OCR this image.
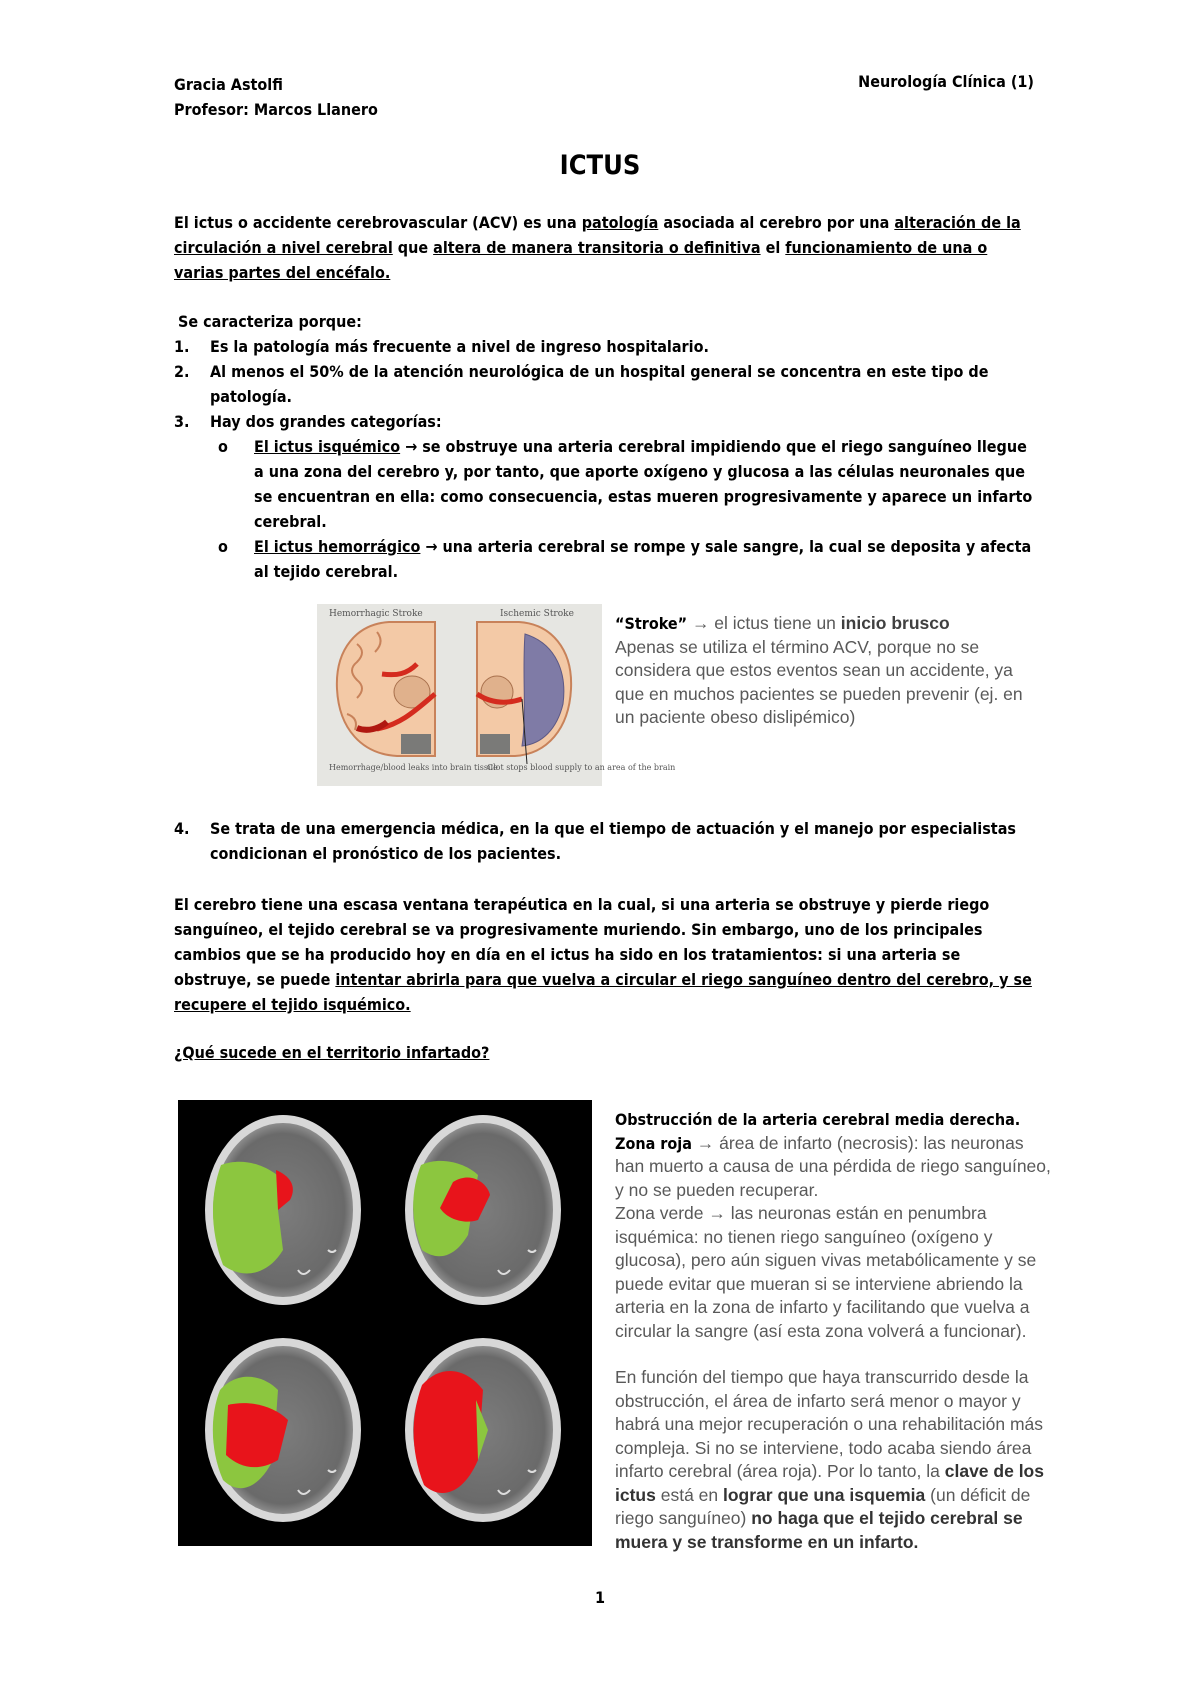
Gracia Astolfi
Profesor: Marcos Llanero
Neurología Clínica (1)
ICTUS
El ictus o accidente cerebrovascular (ACV) es una patología asociada al cerebro por una alteración de la circulación a nivel cerebral que altera de manera transitoria o definitiva el funcionamiento de una o varias partes del encéfalo.
Se caracteriza porque:
1. Es la patología más frecuente a nivel de ingreso hospitalario.
2. Al menos el 50% de la atención neurológica de un hospital general se concentra en este tipo de patología.
3. Hay dos grandes categorías:
o El ictus isquémico → se obstruye una arteria cerebral impidiendo que el riego sanguíneo llegue a una zona del cerebro y, por tanto, que aporte oxígeno y glucosa a las células neuronales que se encuentran en ella: como consecuencia, estas mueren progresivamente y aparece un infarto cerebral.
o El ictus hemorrágico → una arteria cerebral se rompe y sale sangre, la cual se deposita y afecta al tejido cerebral.
Hemorrhagic Stroke	Ischemic Stroke
Hemorrhage/blood leaks into brain tissue
Clot stops blood supply to an area of the brain
“Stroke” → el ictus tiene un inicio brusco
Apenas se utiliza el término ACV, porque no se considera que estos eventos sean un accidente, ya que en muchos pacientes se pueden prevenir (ej. en un paciente obeso dislipémico)
4. Se trata de una emergencia médica, en la que el tiempo de actuación y el manejo por especialistas condicionan el pronóstico de los pacientes.
El cerebro tiene una escasa ventana terapéutica en la cual, si una arteria se obstruye y pierde riego sanguíneo, el tejido cerebral se va progresivamente muriendo. Sin embargo, uno de los principales cambios que se ha producido hoy en día en el ictus ha sido en los tratamientos: si una arteria se obstruye, se puede intentar abrirla para que vuelva a circular el riego sanguíneo dentro del cerebro, y se recupere el tejido isquémico.
¿Qué sucede en el territorio infartado?
Obstrucción de la arteria cerebral media derecha.
Zona roja → área de infarto (necrosis): las neuronas han muerto a causa de una pérdida de riego sanguíneo, y no se pueden recuperar.
Zona verde → las neuronas están en penumbra isquémica: no tienen riego sanguíneo (oxígeno y glucosa), pero aún siguen vivas metabólicamente y se puede evitar que mueran si se interviene abriendo la arteria en la zona de infarto y facilitando que vuelva a circular la sangre (así esta zona volverá a funcionar).
En función del tiempo que haya transcurrido desde la obstrucción, el área de infarto será menor o mayor y habrá una mejor recuperación o una rehabilitación más compleja. Si no se interviene, todo acaba siendo área infarto cerebral (área roja). Por lo tanto, la clave de los ictus está en lograr que una isquemia (un déficit de riego sanguíneo) no haga que el tejido cerebral se muera y se transforme en un infarto.
1
